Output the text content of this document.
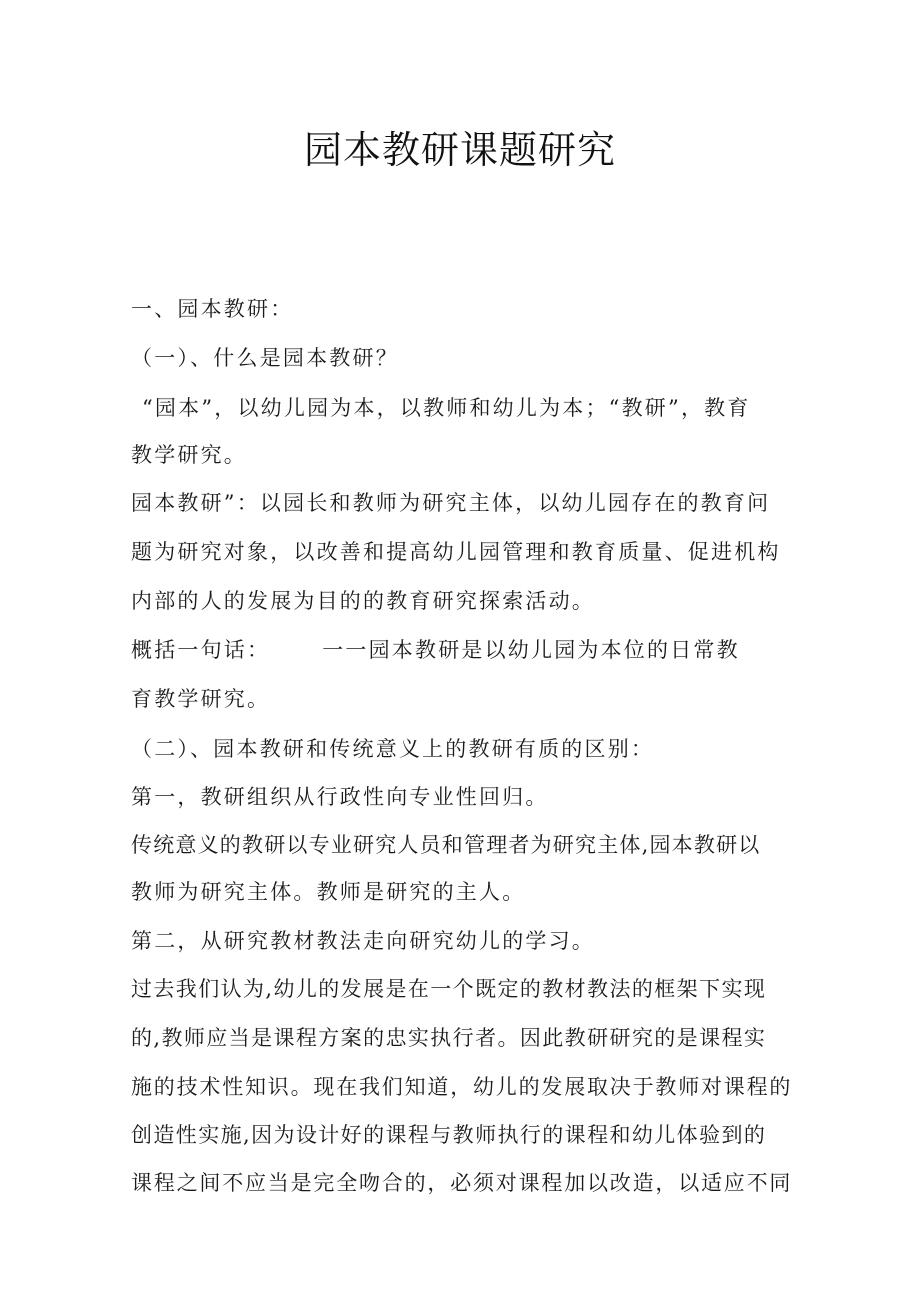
园本教研课题研究
一、园本教研：
（一）、什么是园本教研？
“园本”，以幼儿园为本，以教师和幼儿为本；“教研”，教育
教学研究。
园本教研”：以园长和教师为研究主体，以幼儿园存在的教育问
题为研究对象，以改善和提高幼儿园管理和教育质量、促进机构
内部的人的发展为目的的教育研究探索活动。
概括一句话： 一一园本教研是以幼儿园为本位的日常教
育教学研究。
（二）、园本教研和传统意义上的教研有质的区别：
第一，教研组织从行政性向专业性回归。
传统意义的教研以专业研究人员和管理者为研究主体,园本教研以
教师为研究主体。教师是研究的主人。
第二，从研究教材教法走向研究幼儿的学习。
过去我们认为,幼儿的发展是在一个既定的教材教法的框架下实现
的,教师应当是课程方案的忠实执行者。因此教研研究的是课程实
施的技术性知识。现在我们知道，幼儿的发展取决于教师对课程的
创造性实施,因为设计好的课程与教师执行的课程和幼儿体验到的
课程之间不应当是完全吻合的，必须对课程加以改造，以适应不同
